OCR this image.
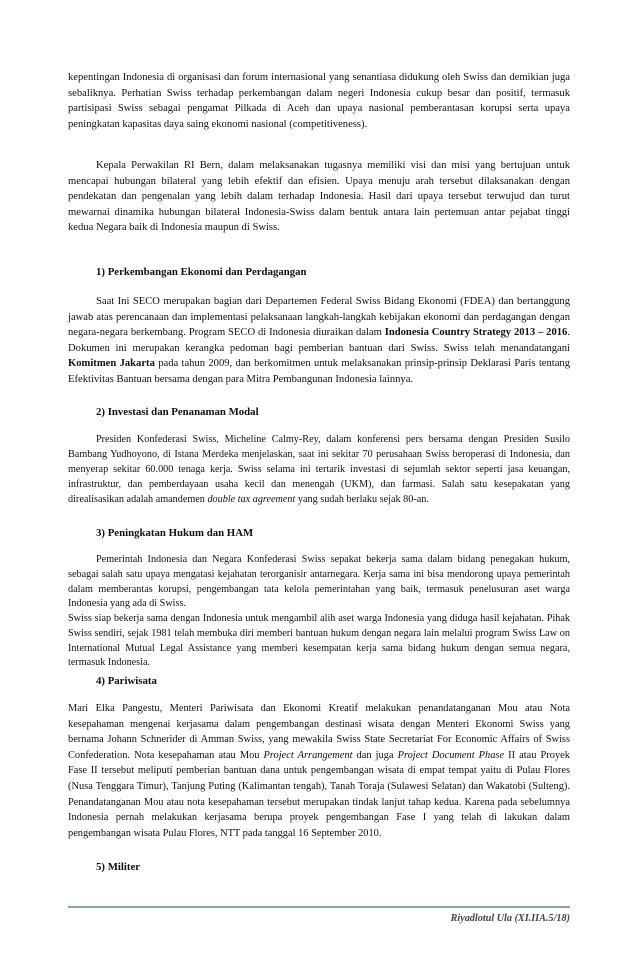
kepentingan Indonesia di organisasi dan forum internasional yang senantiasa didukung oleh Swiss dan demikian juga sebaliknya. Perhatian Swiss terhadap perkembangan dalam negeri Indonesia cukup besar dan positif, termasuk partisipasi Swiss sebagai pengamat Pilkada di Aceh dan upaya nasional pemberantasan korupsi serta upaya peningkatan kapasitas daya saing ekonomi nasional (competitiveness).
Kepala Perwakilan RI Bern, dalam melaksanakan tugasnya memiliki visi dan misi yang bertujuan untuk mencapai hubungan bilateral yang lebih efektif dan efisien. Upaya menuju arah tersebut dilaksanakan dengan pendekatan dan pengenalan yang lebih dalam terhadap Indonesia. Hasil dari upaya tersebut terwujud dan turut mewarnai dinamika hubungan bilateral Indonesia-Swiss dalam bentuk antara lain pertemuan antar pejabat tinggi kedua Negara baik di Indonesia maupun di Swiss.
1) Perkembangan Ekonomi dan Perdagangan
Saat Ini SECO merupakan bagian dari Departemen Federal Swiss Bidang Ekonomi (FDEA) dan bertanggung jawab atas perencanaan dan implementasi pelaksanaan langkah-langkah kebijakan ekonomi dan perdagangan dengan negara-negara berkembang. Program SECO di Indonesia diuraikan dalam Indonesia Country Strategy 2013 – 2016. Dokumen ini merupakan kerangka pedoman bagi pemberian bantuan dari Swiss. Swiss telah menandatangani Komitmen Jakarta pada tahun 2009, dan berkomitmen untuk melaksanakan prinsip-prinsip Deklarasi Paris tentang Efektivitas Bantuan bersama dengan para Mitra Pembangunan Indonesia lainnya.
2) Investasi dan Penanaman Modal
Presiden Konfederasi Swiss, Micheline Calmy-Rey, dalam konferensi pers bersama dengan Presiden Susilo Bambang Yudhoyono, di Istana Merdeka menjelaskan, saat ini sekitar 70 perusahaan Swiss beroperasi di Indonesia, dan menyerap sekitar 60.000 tenaga kerja. Swiss selama ini tertarik investasi di sejumlah sektor seperti jasa keuangan, infrastruktur, dan pemberdayaan usaha kecil dan menengah (UKM), dan farmasi. Salah satu kesepakatan yang direalisasikan adalah amandemen double tax agreement yang sudah berlaku sejak 80-an.
3) Peningkatan Hukum dan HAM
Pemerintah Indonesia dan Negara Konfederasi Swiss sepakat bekerja sama dalam bidang penegakan hukum, sebagai salah satu upaya mengatasi kejahatan terorganisir antarnegara. Kerja sama ini bisa mendorong upaya pemerintah dalam memberantas korupsi, pengembangan tata kelola pemerintahan yang baik, termasuk penelusuran aset warga Indonesia yang ada di Swiss.
Swiss siap bekerja sama dengan Indonesia untuk mengambil alih aset warga Indonesia yang diduga hasil kejahatan. Pihak Swiss sendiri, sejak 1981 telah membuka diri memberi bantuan hukum dengan negara lain melalui program Swiss Law on International Mutual Legal Assistance yang memberi kesempatan kerja sama bidang hukum dengan semua negara, termasuk Indonesia.
4) Pariwisata
Mari Elka Pangestu, Menteri Pariwisata dan Ekonomi Kreatif melakukan penandatanganan Mou atau Nota kesepahaman mengenai kerjasama dalam pengembangan destinasi wisata dengan Menteri Ekonomi Swiss yang bernama Johann Schnerider di Amman Swiss, yang mewakila Swiss State Secretariat For Economic Affairs of Swiss Confederation. Nota kesepahaman atau Mou Project Arrangement dan juga Project Document Phase II atau Proyek Fase II tersebut meliputi pemberian bantuan dana untuk pengembangan wisata di empat tempat yaitu di Pulau Flores (Nusa Tenggara Timur), Tanjung Puting (Kalimantan tengah), Tanah Toraja (Sulawesi Selatan) dan Wakatobi (Sulteng). Penandatanganan Mou atau nota kesepahaman tersebut merupakan tindak lanjut tahap kedua. Karena pada sebelumnya Indonesia pernah melakukan kerjasama berupa proyek pengembangan Fase I yang telah di lakukan dalam pengembangan wisata Pulau Flores, NTT pada tanggal 16 September 2010.
5) Militer
Riyadlotul Ula (XI.IIA.5/18)
